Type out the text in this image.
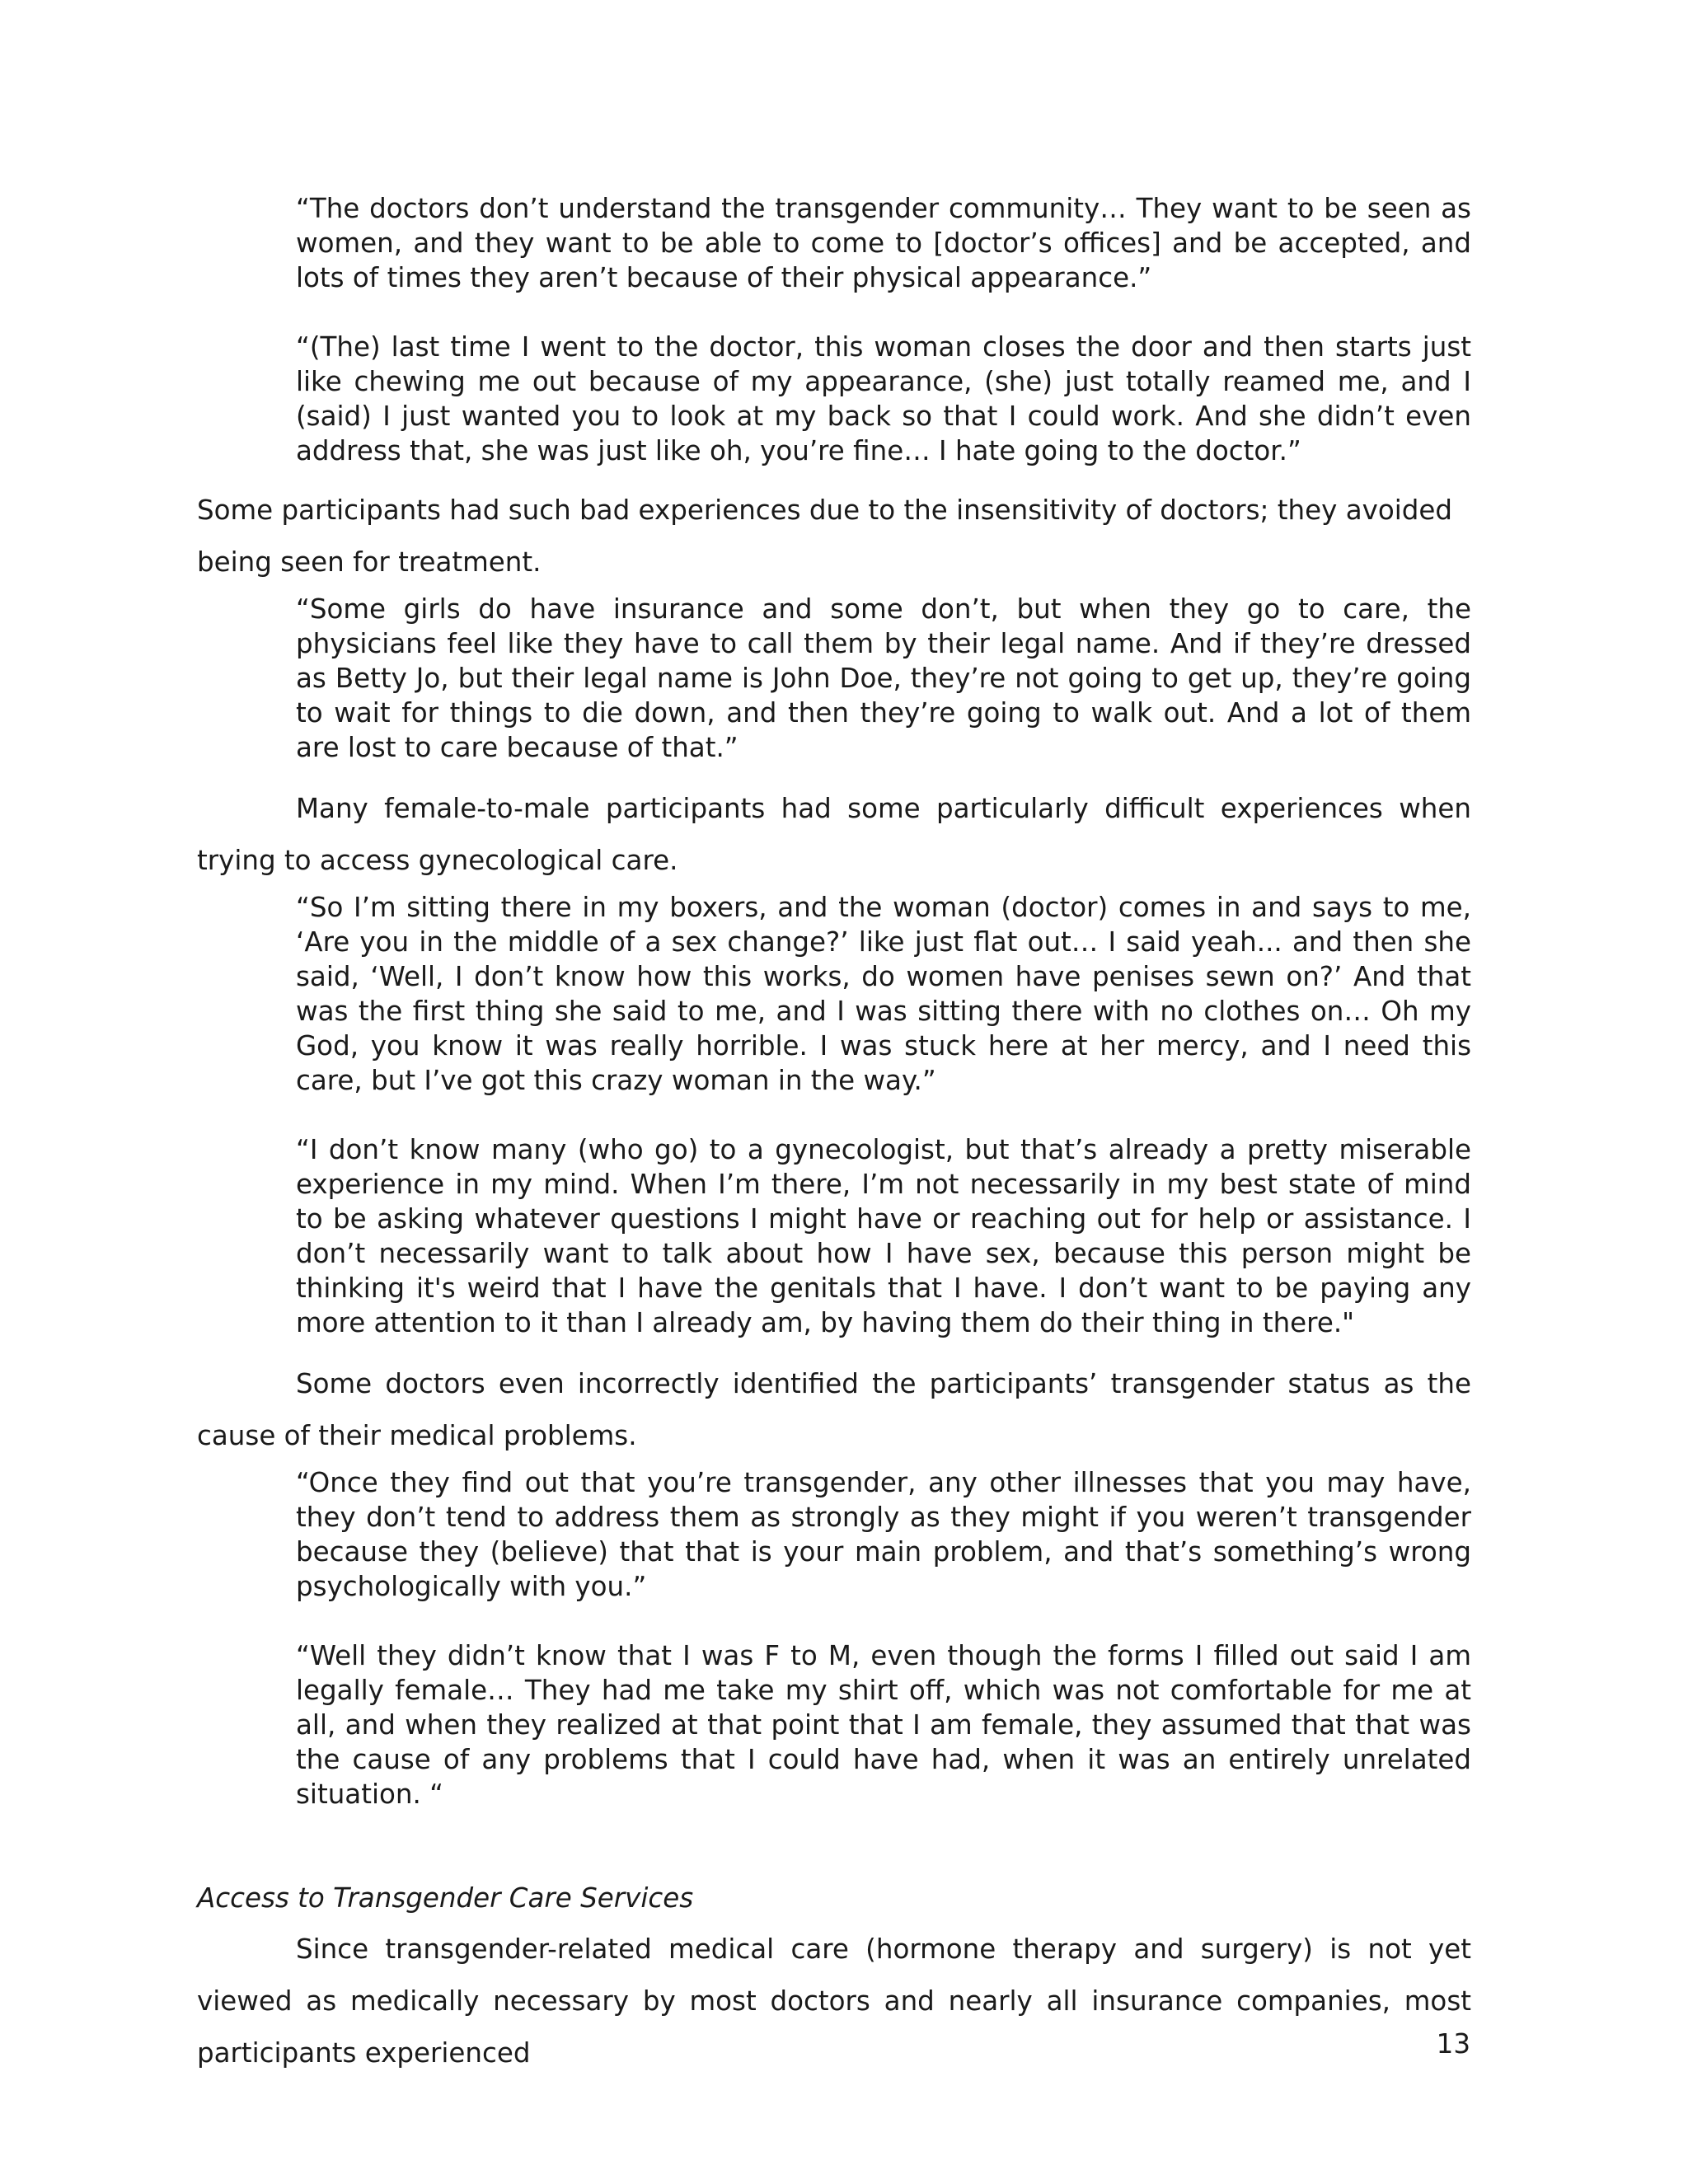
“The doctors don’t understand the transgender community… They want to be seen as women, and they want to be able to come to [doctor’s offices] and be accepted, and lots of times they aren’t because of their physical appearance.”

“(The) last time I went to the doctor, this woman closes the door and then starts just like chewing me out because of my appearance, (she) just totally reamed me, and I (said) I just wanted you to look at my back so that I could work. And she didn’t even address that, she was just like oh, you’re fine… I hate going to the doctor.”

Some participants had such bad experiences due to the insensitivity of doctors; they avoided being seen for treatment.

“Some girls do have insurance and some don’t, but when they go to care, the physicians feel like they have to call them by their legal name. And if they’re dressed as Betty Jo, but their legal name is John Doe, they’re not going to get up, they’re going to wait for things to die down, and then they’re going to walk out. And a lot of them are lost to care because of that.”

Many female-to-male participants had some particularly difficult experiences when trying to access gynecological care.

“So I’m sitting there in my boxers, and the woman (doctor) comes in and says to me, ‘Are you in the middle of a sex change?’ like just flat out… I said yeah... and then she said, ‘Well, I don’t know how this works, do women have penises sewn on?’ And that was the first thing she said to me, and I was sitting there with no clothes on… Oh my God, you know it was really horrible. I was stuck here at her mercy, and I need this care, but I’ve got this crazy woman in the way.”

“I don’t know many (who go) to a gynecologist, but that’s already a pretty miserable experience in my mind. When I’m there, I’m not necessarily in my best state of mind to be asking whatever questions I might have or reaching out for help or assistance. I don’t necessarily want to talk about how I have sex, because this person might be thinking it's weird that I have the genitals that I have. I don’t want to be paying any more attention to it than I already am, by having them do their thing in there."

Some doctors even incorrectly identified the participants’ transgender status as the cause of their medical problems.

“Once they find out that you’re transgender, any other illnesses that you may have, they don’t tend to address them as strongly as they might if you weren’t transgender because they (believe) that that is your main problem, and that’s something’s wrong psychologically with you.”

“Well they didn’t know that I was F to M, even though the forms I filled out said I am legally female… They had me take my shirt off, which was not comfortable for me at all, and when they realized at that point that I am female, they assumed that that was the cause of any problems that I could have had, when it was an entirely unrelated situation. “

Access to Transgender Care Services

Since transgender-related medical care (hormone therapy and surgery) is not yet viewed as medically necessary by most doctors and nearly all insurance companies, most participants experienced	13
